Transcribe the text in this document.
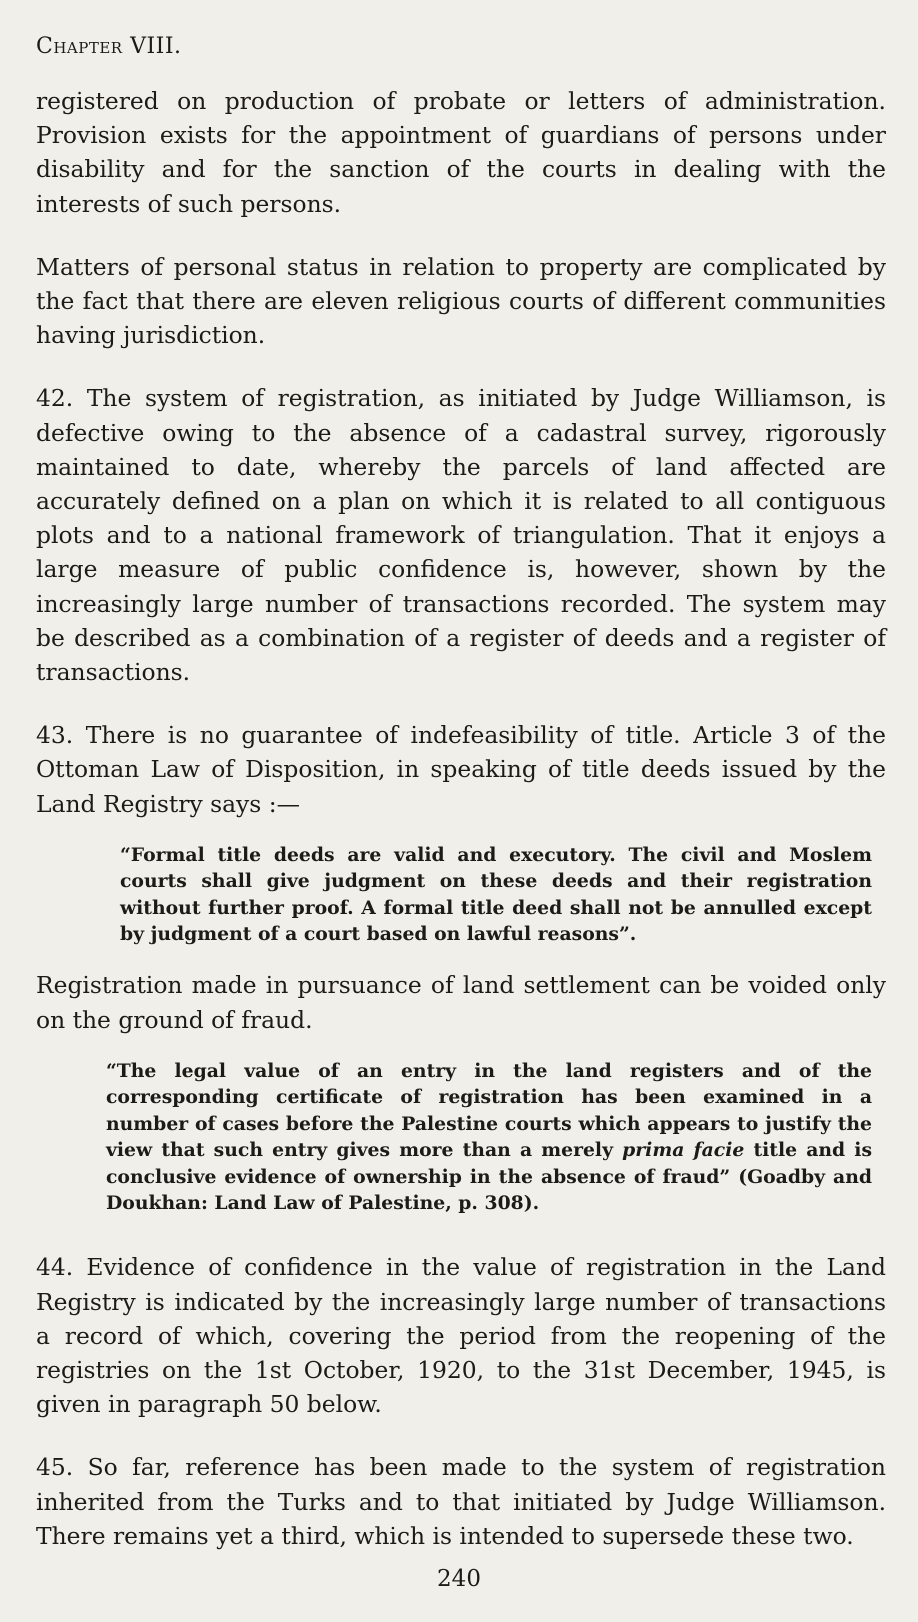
Chapter VIII.

registered on production of probate or letters of administration. Provision exists for the appointment of guardians of persons under disability and for the sanction of the courts in dealing with the interests of such persons.

Matters of personal status in relation to property are complicated by the fact that there are eleven religious courts of different communities having jurisdiction.

42. The system of registration, as initiated by Judge Williamson, is defective owing to the absence of a cadastral survey, rigorously maintained to date, whereby the parcels of land affected are accurately defined on a plan on which it is related to all contiguous plots and to a national framework of triangulation. That it enjoys a large measure of public confidence is, however, shown by the increasingly large number of transactions recorded. The system may be described as a combination of a register of deeds and a register of transactions.

43. There is no guarantee of indefeasibility of title. Article 3 of the Ottoman Law of Disposition, in speaking of title deeds issued by the Land Registry says :—

“Formal title deeds are valid and executory. The civil and Moslem courts shall give judgment on these deeds and their registration without further proof. A formal title deed shall not be annulled except by judgment of a court based on lawful reasons”.

Registration made in pursuance of land settlement can be voided only on the ground of fraud.

“The legal value of an entry in the land registers and of the corresponding certificate of registration has been examined in a number of cases before the Palestine courts which appears to justify the view that such entry gives more than a merely prima facie title and is conclusive evidence of ownership in the absence of fraud” (Goadby and Doukhan: Land Law of Palestine, p. 308).

44. Evidence of confidence in the value of registration in the Land Registry is indicated by the increasingly large number of transactions a record of which, covering the period from the reopening of the registries on the 1st October, 1920, to the 31st December, 1945, is given in paragraph 50 below.

45. So far, reference has been made to the system of registration inherited from the Turks and to that initiated by Judge Williamson. There remains yet a third, which is intended to supersede these two.

240
